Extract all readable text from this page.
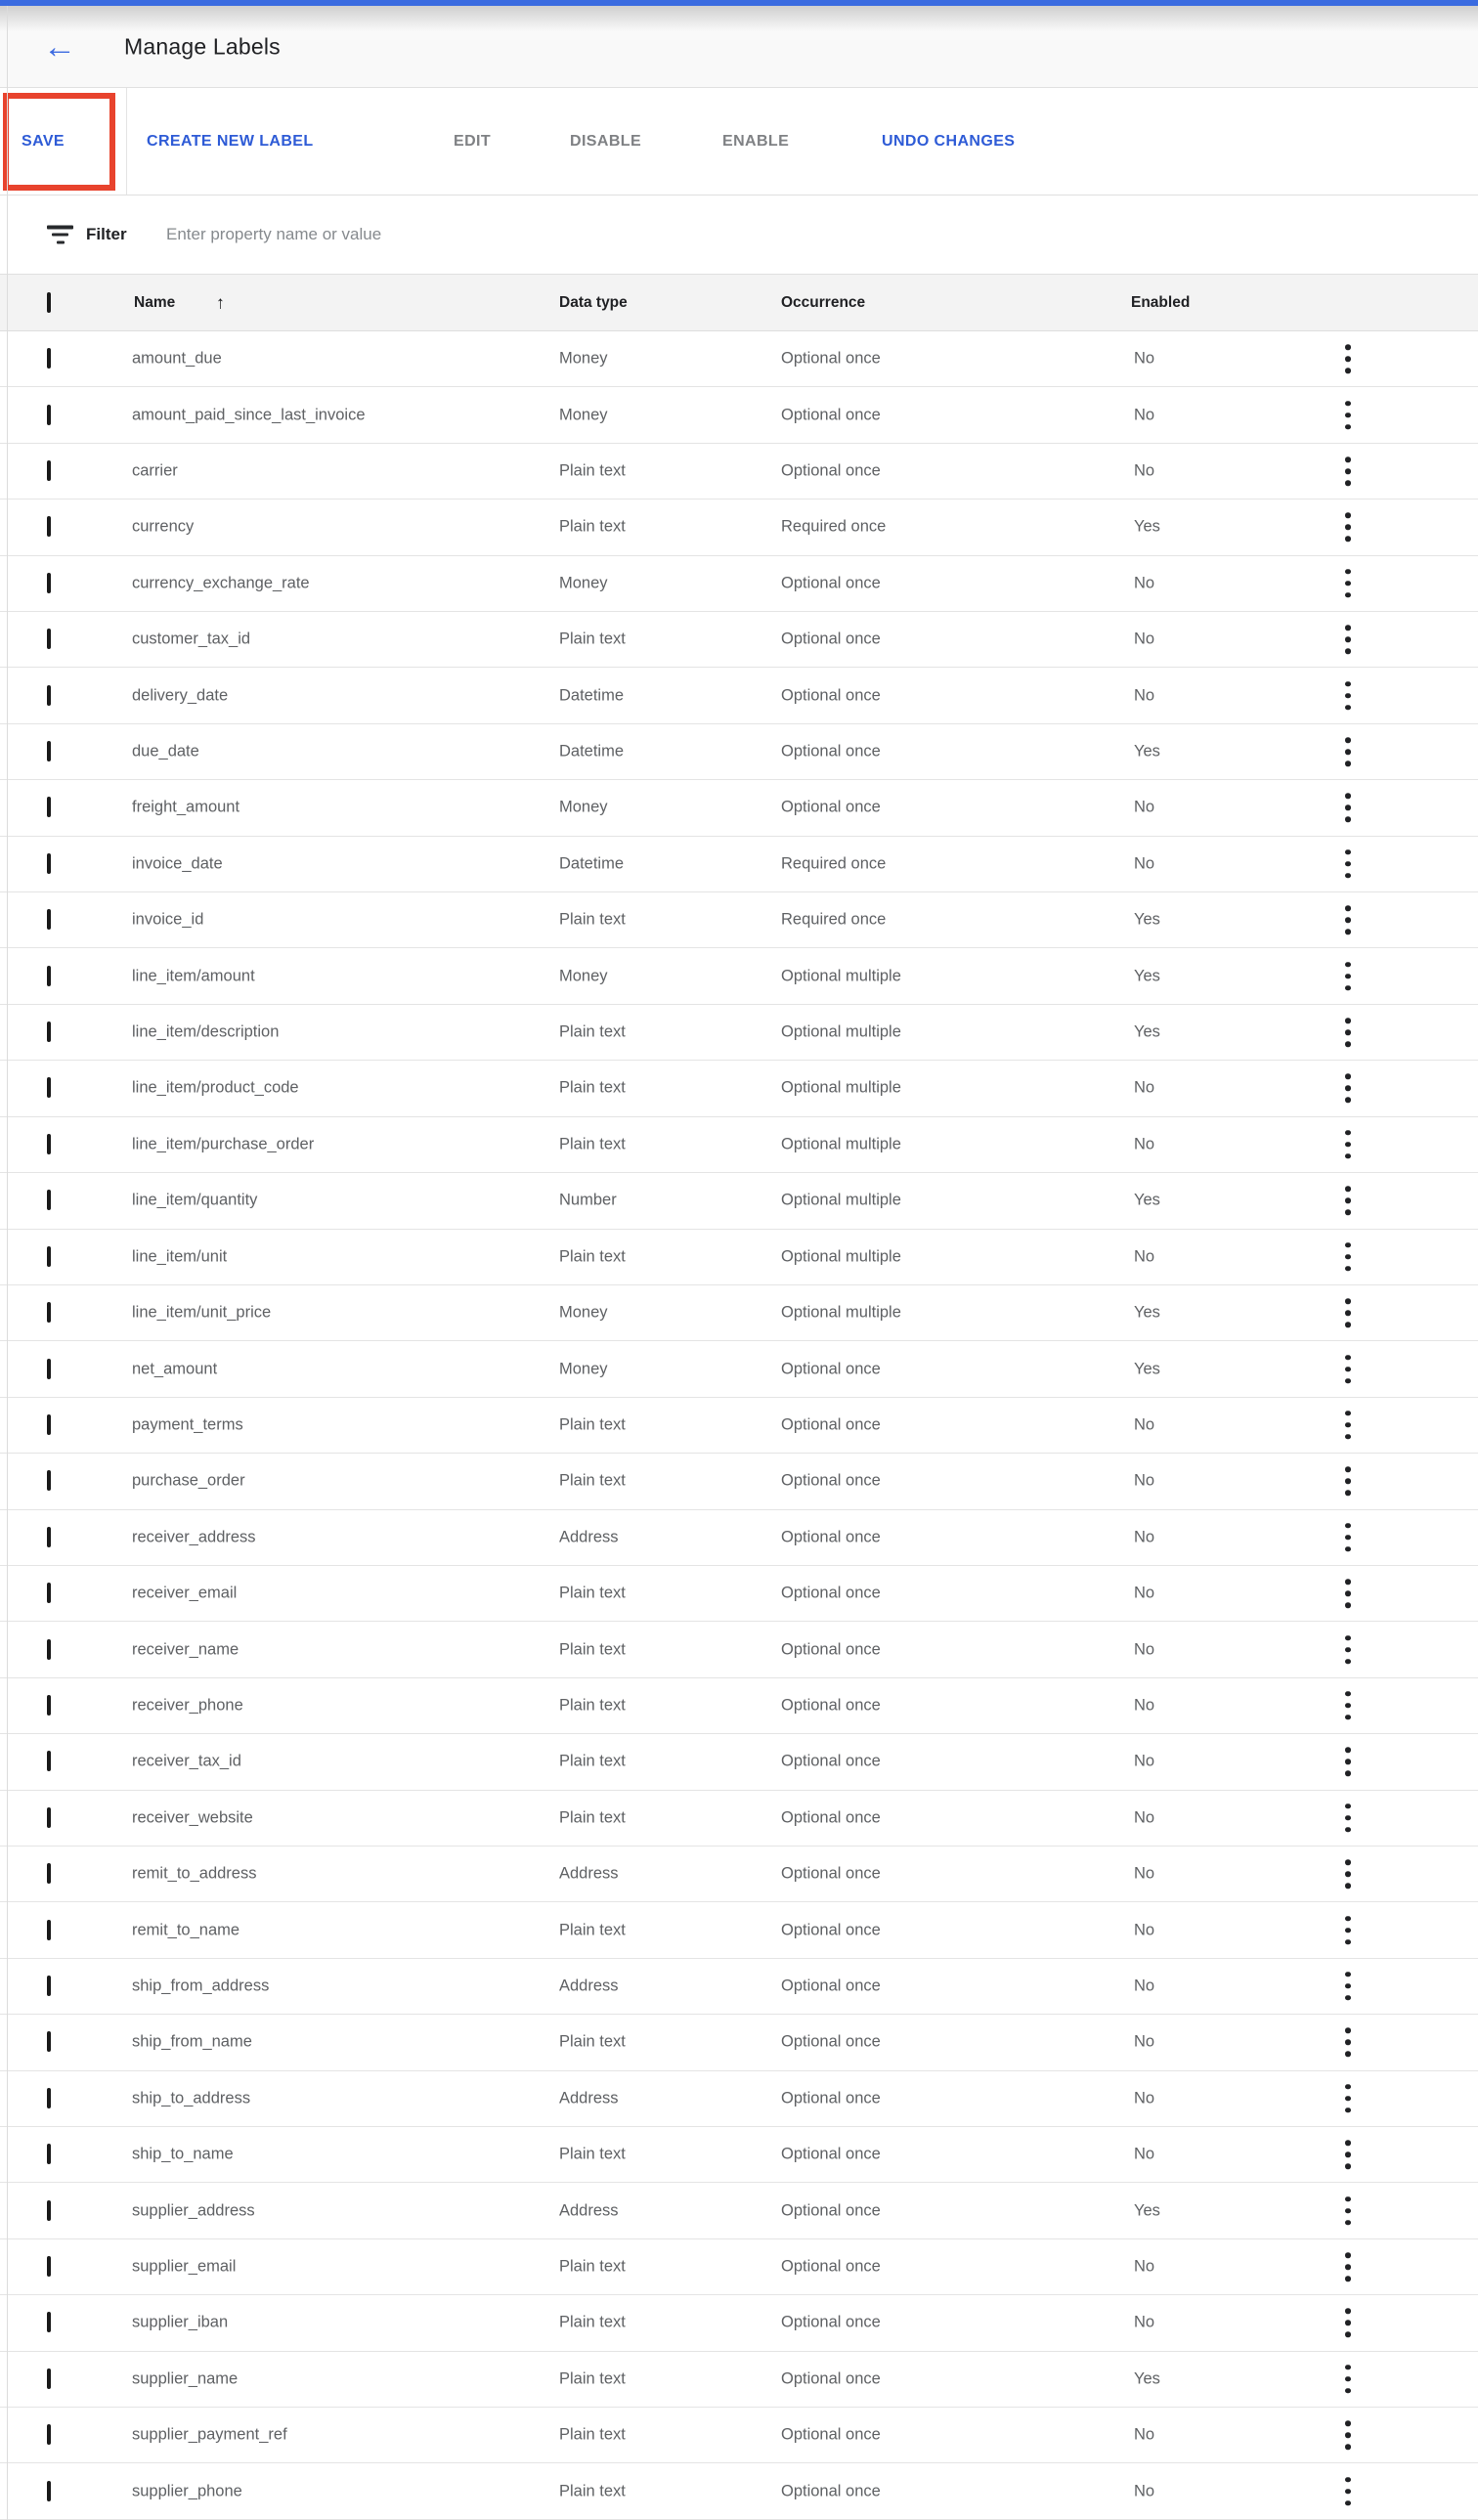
← Manage Labels
SAVE	CREATE NEW LABEL	EDIT	DISABLE	ENABLE	UNDO CHANGES
Filter
Enter property name or value
Name ↑	Data type	Occurrence	Enabled
amount_due	Money	Optional once	No
amount_paid_since_last_invoice	Money	Optional once	No
carrier	Plain text	Optional once	No
currency	Plain text	Required once	Yes
currency_exchange_rate	Money	Optional once	No
customer_tax_id	Plain text	Optional once	No
delivery_date	Datetime	Optional once	No
due_date	Datetime	Optional once	Yes
freight_amount	Money	Optional once	No
invoice_date	Datetime	Required once	No
invoice_id	Plain text	Required once	Yes
line_item/amount	Money	Optional multiple	Yes
line_item/description	Plain text	Optional multiple	Yes
line_item/product_code	Plain text	Optional multiple	No
line_item/purchase_order	Plain text	Optional multiple	No
line_item/quantity	Number	Optional multiple	Yes
line_item/unit	Plain text	Optional multiple	No
line_item/unit_price	Money	Optional multiple	Yes
net_amount	Money	Optional once	Yes
payment_terms	Plain text	Optional once	No
purchase_order	Plain text	Optional once	No
receiver_address	Address	Optional once	No
receiver_email	Plain text	Optional once	No
receiver_name	Plain text	Optional once	No
receiver_phone	Plain text	Optional once	No
receiver_tax_id	Plain text	Optional once	No
receiver_website	Plain text	Optional once	No
remit_to_address	Address	Optional once	No
remit_to_name	Plain text	Optional once	No
ship_from_address	Address	Optional once	No
ship_from_name	Plain text	Optional once	No
ship_to_address	Address	Optional once	No
ship_to_name	Plain text	Optional once	No
supplier_address	Address	Optional once	Yes
supplier_email	Plain text	Optional once	No
supplier_iban	Plain text	Optional once	No
supplier_name	Plain text	Optional once	Yes
supplier_payment_ref	Plain text	Optional once	No
supplier_phone	Plain text	Optional once	No
